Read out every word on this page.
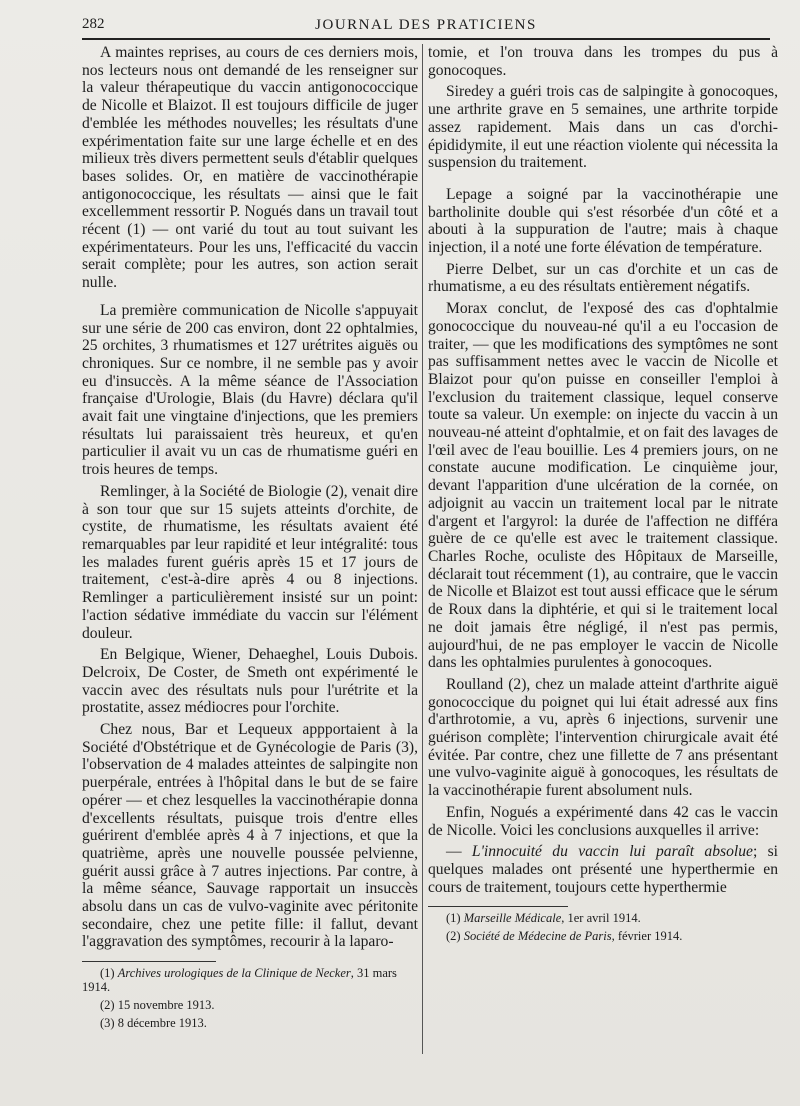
282	JOURNAL DES PRATICIENS

A maintes reprises, au cours de ces derniers mois, nos lecteurs nous ont demandé de les renseigner sur la valeur thérapeutique du vaccin antigonococcique de Nicolle et Blaizot. Il est toujours difficile de juger d'emblée les méthodes nouvelles; les résultats d'une expérimentation faite sur une large échelle et en des milieux très divers permettent seuls d'établir quelques bases solides. Or, en matière de vaccinothérapie antigonococcique, les résultats — ainsi que le fait excellemment ressortir P. Nogués dans un travail tout récent (1) — ont varié du tout au tout suivant les expérimentateurs. Pour les uns, l'efficacité du vaccin serait complète; pour les autres, son action serait nulle.

La première communication de Nicolle s'appuyait sur une série de 200 cas environ, dont 22 ophtalmies, 25 orchites, 3 rhumatismes et 127 urétrites aiguës ou chroniques. Sur ce nombre, il ne semble pas y avoir eu d'insuccès. A la même séance de l'Association française d'Urologie, Blais (du Havre) déclara qu'il avait fait une vingtaine d'injections, que les premiers résultats lui paraissaient très heureux, et qu'en particulier il avait vu un cas de rhumatisme guéri en trois heures de temps.

Remlinger, à la Société de Biologie (2), venait dire à son tour que sur 15 sujets atteints d'orchite, de cystite, de rhumatisme, les résultats avaient été remarquables par leur rapidité et leur intégralité: tous les malades furent guéris après 15 et 17 jours de traitement, c'est-à-dire après 4 ou 8 injections. Remlinger a particulièrement insisté sur un point: l'action sédative immédiate du vaccin sur l'élément douleur.

En Belgique, Wiener, Dehaeghel, Louis Dubois. Delcroix, De Coster, de Smeth ont expérimenté le vaccin avec des résultats nuls pour l'urétrite et la prostatite, assez médiocres pour l'orchite.

Chez nous, Bar et Lequeux appportaient à la Société d'Obstétrique et de Gynécologie de Paris (3), l'observation de 4 malades atteintes de salpingite non puerpérale, entrées à l'hôpital dans le but de se faire opérer — et chez lesquelles la vaccinothérapie donna d'excellents résultats, puisque trois d'entre elles guérirent d'emblée après 4 à 7 injections, et que la quatrième, après une nouvelle poussée pelvienne, guérit aussi grâce à 7 autres injections. Par contre, à la même séance, Sauvage rapportait un insuccès absolu dans un cas de vulvo-vaginite avec péritonite secondaire, chez une petite fille: il fallut, devant l'aggravation des symptômes, recourir à la laparo-

(1) Archives urologiques de la Clinique de Necker, 31 mars 1914.

(2) 15 novembre 1913.

(3) 8 décembre 1913.

tomie, et l'on trouva dans les trompes du pus à gonocoques.

Siredey a guéri trois cas de salpingite à gonocoques, une arthrite grave en 5 semaines, une arthrite torpide assez rapidement. Mais dans un cas d'orchi-épididymite, il eut une réaction violente qui nécessita la suspension du traitement.

Lepage a soigné par la vaccinothérapie une bartholinite double qui s'est résorbée d'un côté et a abouti à la suppuration de l'autre; mais à chaque injection, il a noté une forte élévation de température.

Pierre Delbet, sur un cas d'orchite et un cas de rhumatisme, a eu des résultats entièrement négatifs.

Morax conclut, de l'exposé des cas d'ophtalmie gonococcique du nouveau-né qu'il a eu l'occasion de traiter, — que les modifications des symptômes ne sont pas suffisamment nettes avec le vaccin de Nicolle et Blaizot pour qu'on puisse en conseiller l'emploi à l'exclusion du traitement classique, lequel conserve toute sa valeur. Un exemple: on injecte du vaccin à un nouveau-né atteint d'ophtalmie, et on fait des lavages de l'œil avec de l'eau bouillie. Les 4 premiers jours, on ne constate aucune modification. Le cinquième jour, devant l'apparition d'une ulcération de la cornée, on adjoignit au vaccin un traitement local par le nitrate d'argent et l'argyrol: la durée de l'affection ne différa guère de ce qu'elle est avec le traitement classique. Charles Roche, oculiste des Hôpitaux de Marseille, déclarait tout récemment (1), au contraire, que le vaccin de Nicolle et Blaizot est tout aussi efficace que le sérum de Roux dans la diphtérie, et qui si le traitement local ne doit jamais être négligé, il n'est pas permis, aujourd'hui, de ne pas employer le vaccin de Nicolle dans les ophtalmies purulentes à gonocoques.

Roulland (2), chez un malade atteint d'arthrite aiguë gonococcique du poignet qui lui était adressé aux fins d'arthrotomie, a vu, après 6 injections, survenir une guérison complète; l'intervention chirurgicale avait été évitée. Par contre, chez une fillette de 7 ans présentant une vulvo-vaginite aiguë à gonocoques, les résultats de la vaccinothérapie furent absolument nuls.

Enfin, Nogués a expérimenté dans 42 cas le vaccin de Nicolle. Voici les conclusions auxquelles il arrive:

— L'innocuité du vaccin lui paraît absolue; si quelques malades ont présenté une hyperthermie en cours de traitement, toujours cette hyperthermie

(1) Marseille Médicale, 1er avril 1914.

(2) Société de Médecine de Paris, février 1914.
